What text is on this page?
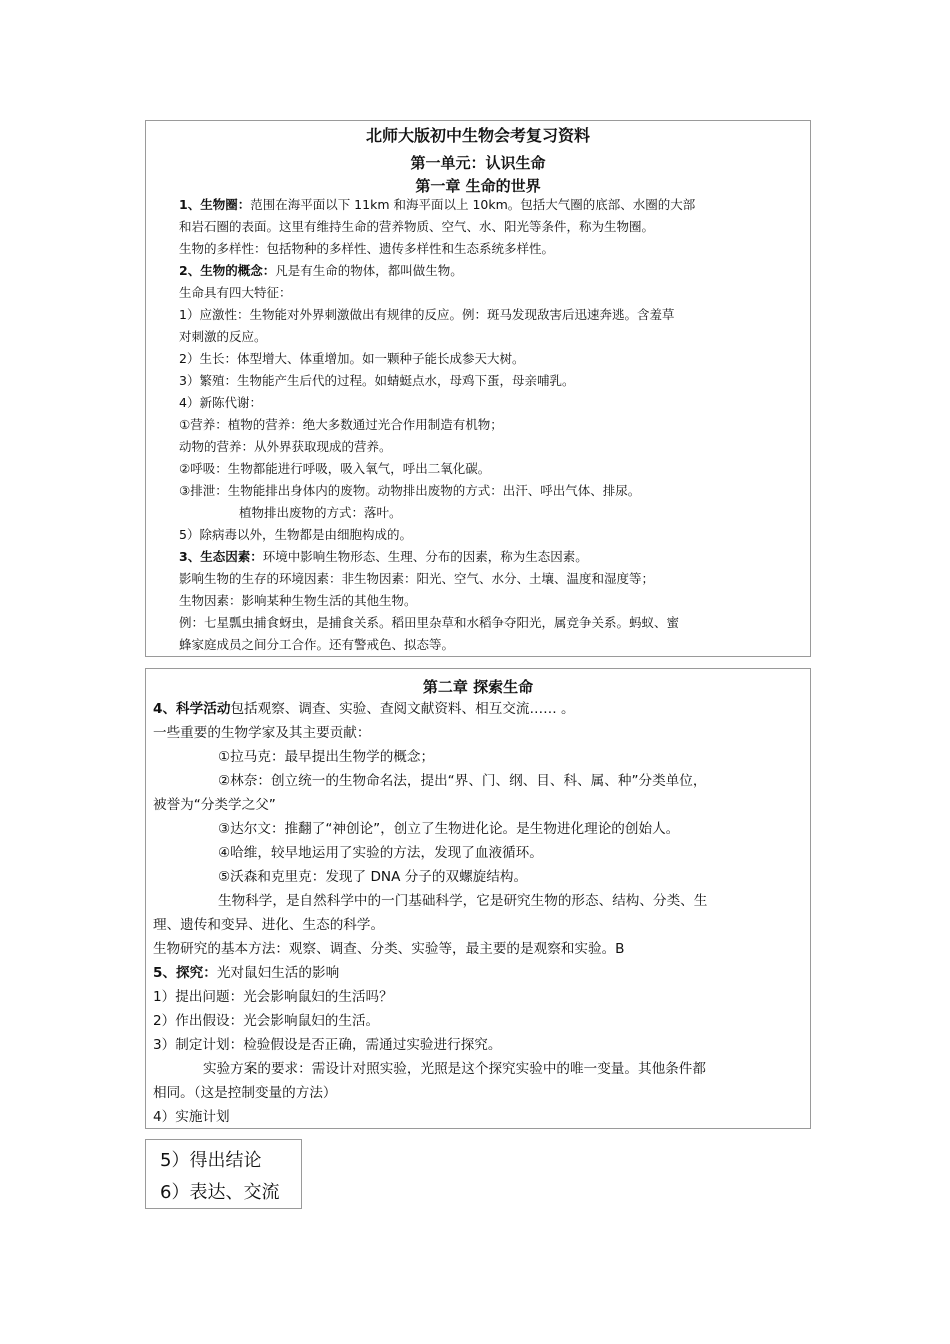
北师大版初中生物会考复习资料
第一单元：认识生命
第一章 生命的世界
1、生物圈：范围在海平面以下 11km 和海平面以上 10km。包括大气圈的底部、水圈的大部
和岩石圈的表面。这里有维持生命的营养物质、空气、水、阳光等条件，称为生物圈。
生物的多样性：包括物种的多样性、遗传多样性和生态系统多样性。
2、生物的概念：凡是有生命的物体，都叫做生物。
生命具有四大特征：
1）应激性：生物能对外界刺激做出有规律的反应。例：斑马发现敌害后迅速奔逃。含羞草
对刺激的反应。
2）生长：体型增大、体重增加。如一颗种子能长成参天大树。
3）繁殖：生物能产生后代的过程。如蜻蜓点水，母鸡下蛋，母亲哺乳。
4）新陈代谢：
①营养：植物的营养：绝大多数通过光合作用制造有机物；
动物的营养：从外界获取现成的营养。
②呼吸：生物都能进行呼吸，吸入氧气，呼出二氧化碳。
③排泄：生物能排出身体内的废物。动物排出废物的方式：出汗、呼出气体、排尿。
植物排出废物的方式：落叶。
5）除病毒以外，生物都是由细胞构成的。
3、生态因素：环境中影响生物形态、生理、分布的因素，称为生态因素。
影响生物的生存的环境因素：非生物因素：阳光、空气、水分、土壤、温度和湿度等；
生物因素：影响某种生物生活的其他生物。
例：七星瓢虫捕食蚜虫，是捕食关系。稻田里杂草和水稻争夺阳光，属竞争关系。蚂蚁、蜜
蜂家庭成员之间分工合作。还有警戒色、拟态等。
第二章 探索生命
4、科学活动包括观察、调查、实验、查阅文献资料、相互交流…… 。
一些重要的生物学家及其主要贡献：
①拉马克：最早提出生物学的概念；
②林奈：创立统一的生物命名法，提出“界、门、纲、目、科、属、种”分类单位，
被誉为“分类学之父”
③达尔文：推翻了“神创论”，创立了生物进化论。是生物进化理论的创始人。
④哈维，较早地运用了实验的方法，发现了血液循环。
⑤沃森和克里克：发现了 DNA 分子的双螺旋结构。
生物科学，是自然科学中的一门基础科学，它是研究生物的形态、结构、分类、生
理、遗传和变异、进化、生态的科学。
生物研究的基本方法：观察、调查、分类、实验等，最主要的是观察和实验。B
5、探究：光对鼠妇生活的影响
1）提出问题：光会影响鼠妇的生活吗？
2）作出假设：光会影响鼠妇的生活。
3）制定计划：检验假设是否正确，需通过实验进行探究。
实验方案的要求：需设计对照实验，光照是这个探究实验中的唯一变量。其他条件都
相同。（这是控制变量的方法）
4）实施计划
5）得出结论
6）表达、交流
